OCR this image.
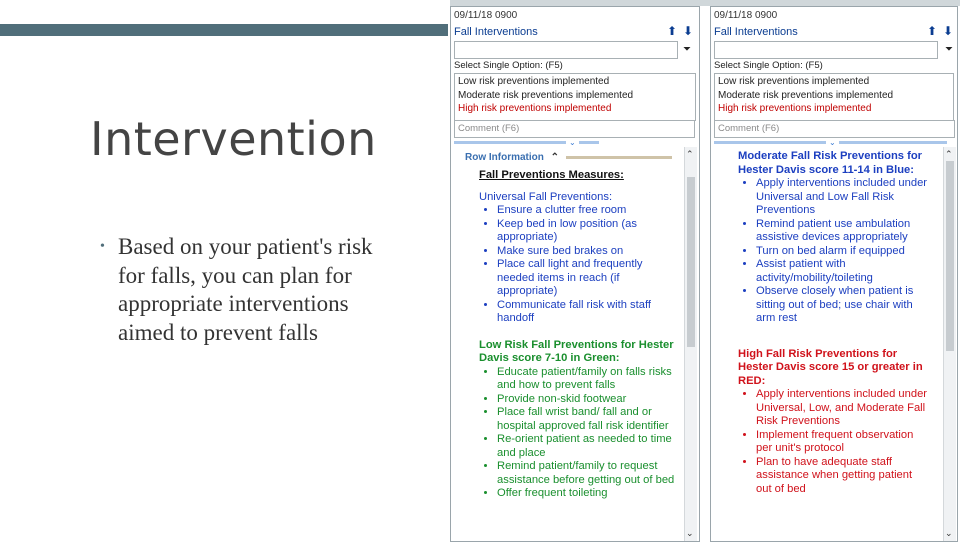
Intervention
• Based on your patient's risk for falls, you can plan for appropriate interventions aimed to prevent falls
09/11/18 0900
Fall Interventions	⬆ ⬇
⏷
Select Single Option: (F5)
Low risk preventions implemented
Moderate risk preventions implemented
High risk preventions implemented
Comment (F6)
⌄
Row Information ⌃
Fall Preventions Measures:
Universal Fall Preventions:
• Ensure a clutter free room
• Keep bed in low position (as appropriate)
• Make sure bed brakes on
• Place call light and frequently needed items in reach (if appropriate)
• Communicate fall risk with staff handoff
Low Risk Fall Preventions for Hester Davis score 7-10 in Green:
• Educate patient/family on falls risks and how to prevent falls
• Provide non-skid footwear
• Place fall wrist band/ fall and or hospital approved fall risk identifier
• Re-orient patient as needed to time and place
• Remind patient/family to request assistance before getting out of bed
• Offer frequent toileting
⌃
⌄
09/11/18 0900
Fall Interventions	⬆ ⬇
⏷
Select Single Option: (F5)
Low risk preventions implemented
Moderate risk preventions implemented
High risk preventions implemented
Comment (F6)
⌄
Moderate Fall Risk Preventions for Hester Davis score 11-14 in Blue:
• Apply interventions included under Universal and Low Fall Risk Preventions
• Remind patient use ambulation assistive devices appropriately
• Turn on bed alarm if equipped
• Assist patient with activity/mobility/toileting
• Observe closely when patient is sitting out of bed; use chair with arm rest
High Fall Risk Preventions for Hester Davis score 15 or greater in RED:
• Apply interventions included under Universal, Low, and Moderate Fall Risk Preventions
• Implement frequent observation per unit's protocol
• Plan to have adequate staff assistance when getting patient out of bed
⌃
⌄
